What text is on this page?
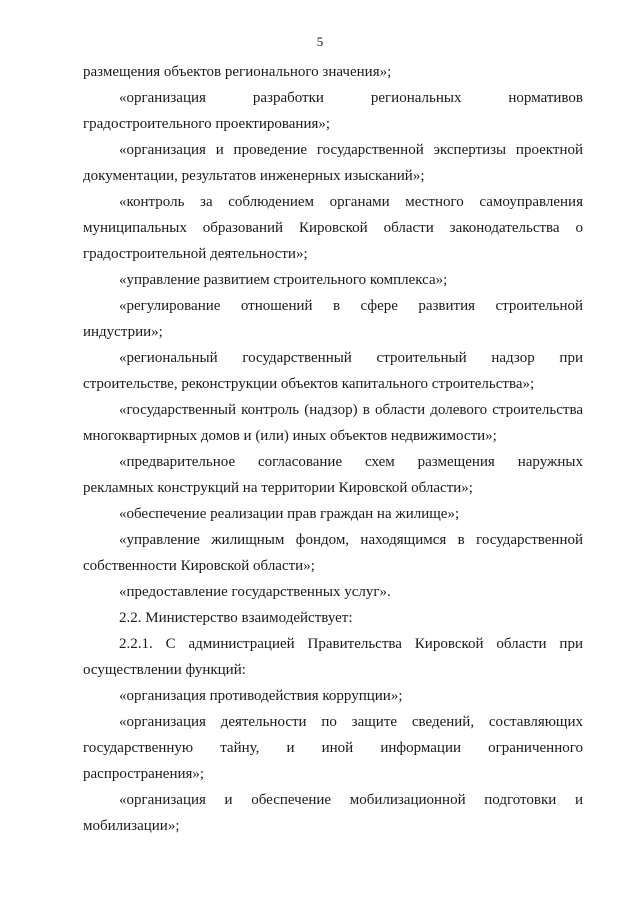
5
размещения объектов регионального значения»;
«организация разработки региональных нормативов
градостроительного проектирования»;
«организация и проведение государственной экспертизы проектной
документации, результатов инженерных изысканий»;
«контроль за соблюдением органами местного самоуправления
муниципальных образований Кировской области законодательства о
градостроительной деятельности»;
«управление развитием строительного комплекса»;
«регулирование отношений в сфере развития строительной
индустрии»;
«региональный государственный строительный надзор при
строительстве, реконструкции объектов капитального строительства»;
«государственный контроль (надзор) в области долевого строительства
многоквартирных домов и (или) иных объектов недвижимости»;
«предварительное согласование схем размещения наружных
рекламных конструкций на территории Кировской области»;
«обеспечение реализации прав граждан на жилище»;
«управление жилищным фондом, находящимся в государственной
собственности Кировской области»;
«предоставление государственных услуг».
2.2. Министерство взаимодействует:
2.2.1. С администрацией Правительства Кировской области при
осуществлении функций:
«организация противодействия коррупции»;
«организация деятельности по защите сведений, составляющих
государственную тайну, и иной информации ограниченного
распространения»;
«организация и обеспечение мобилизационной подготовки и
мобилизации»;
